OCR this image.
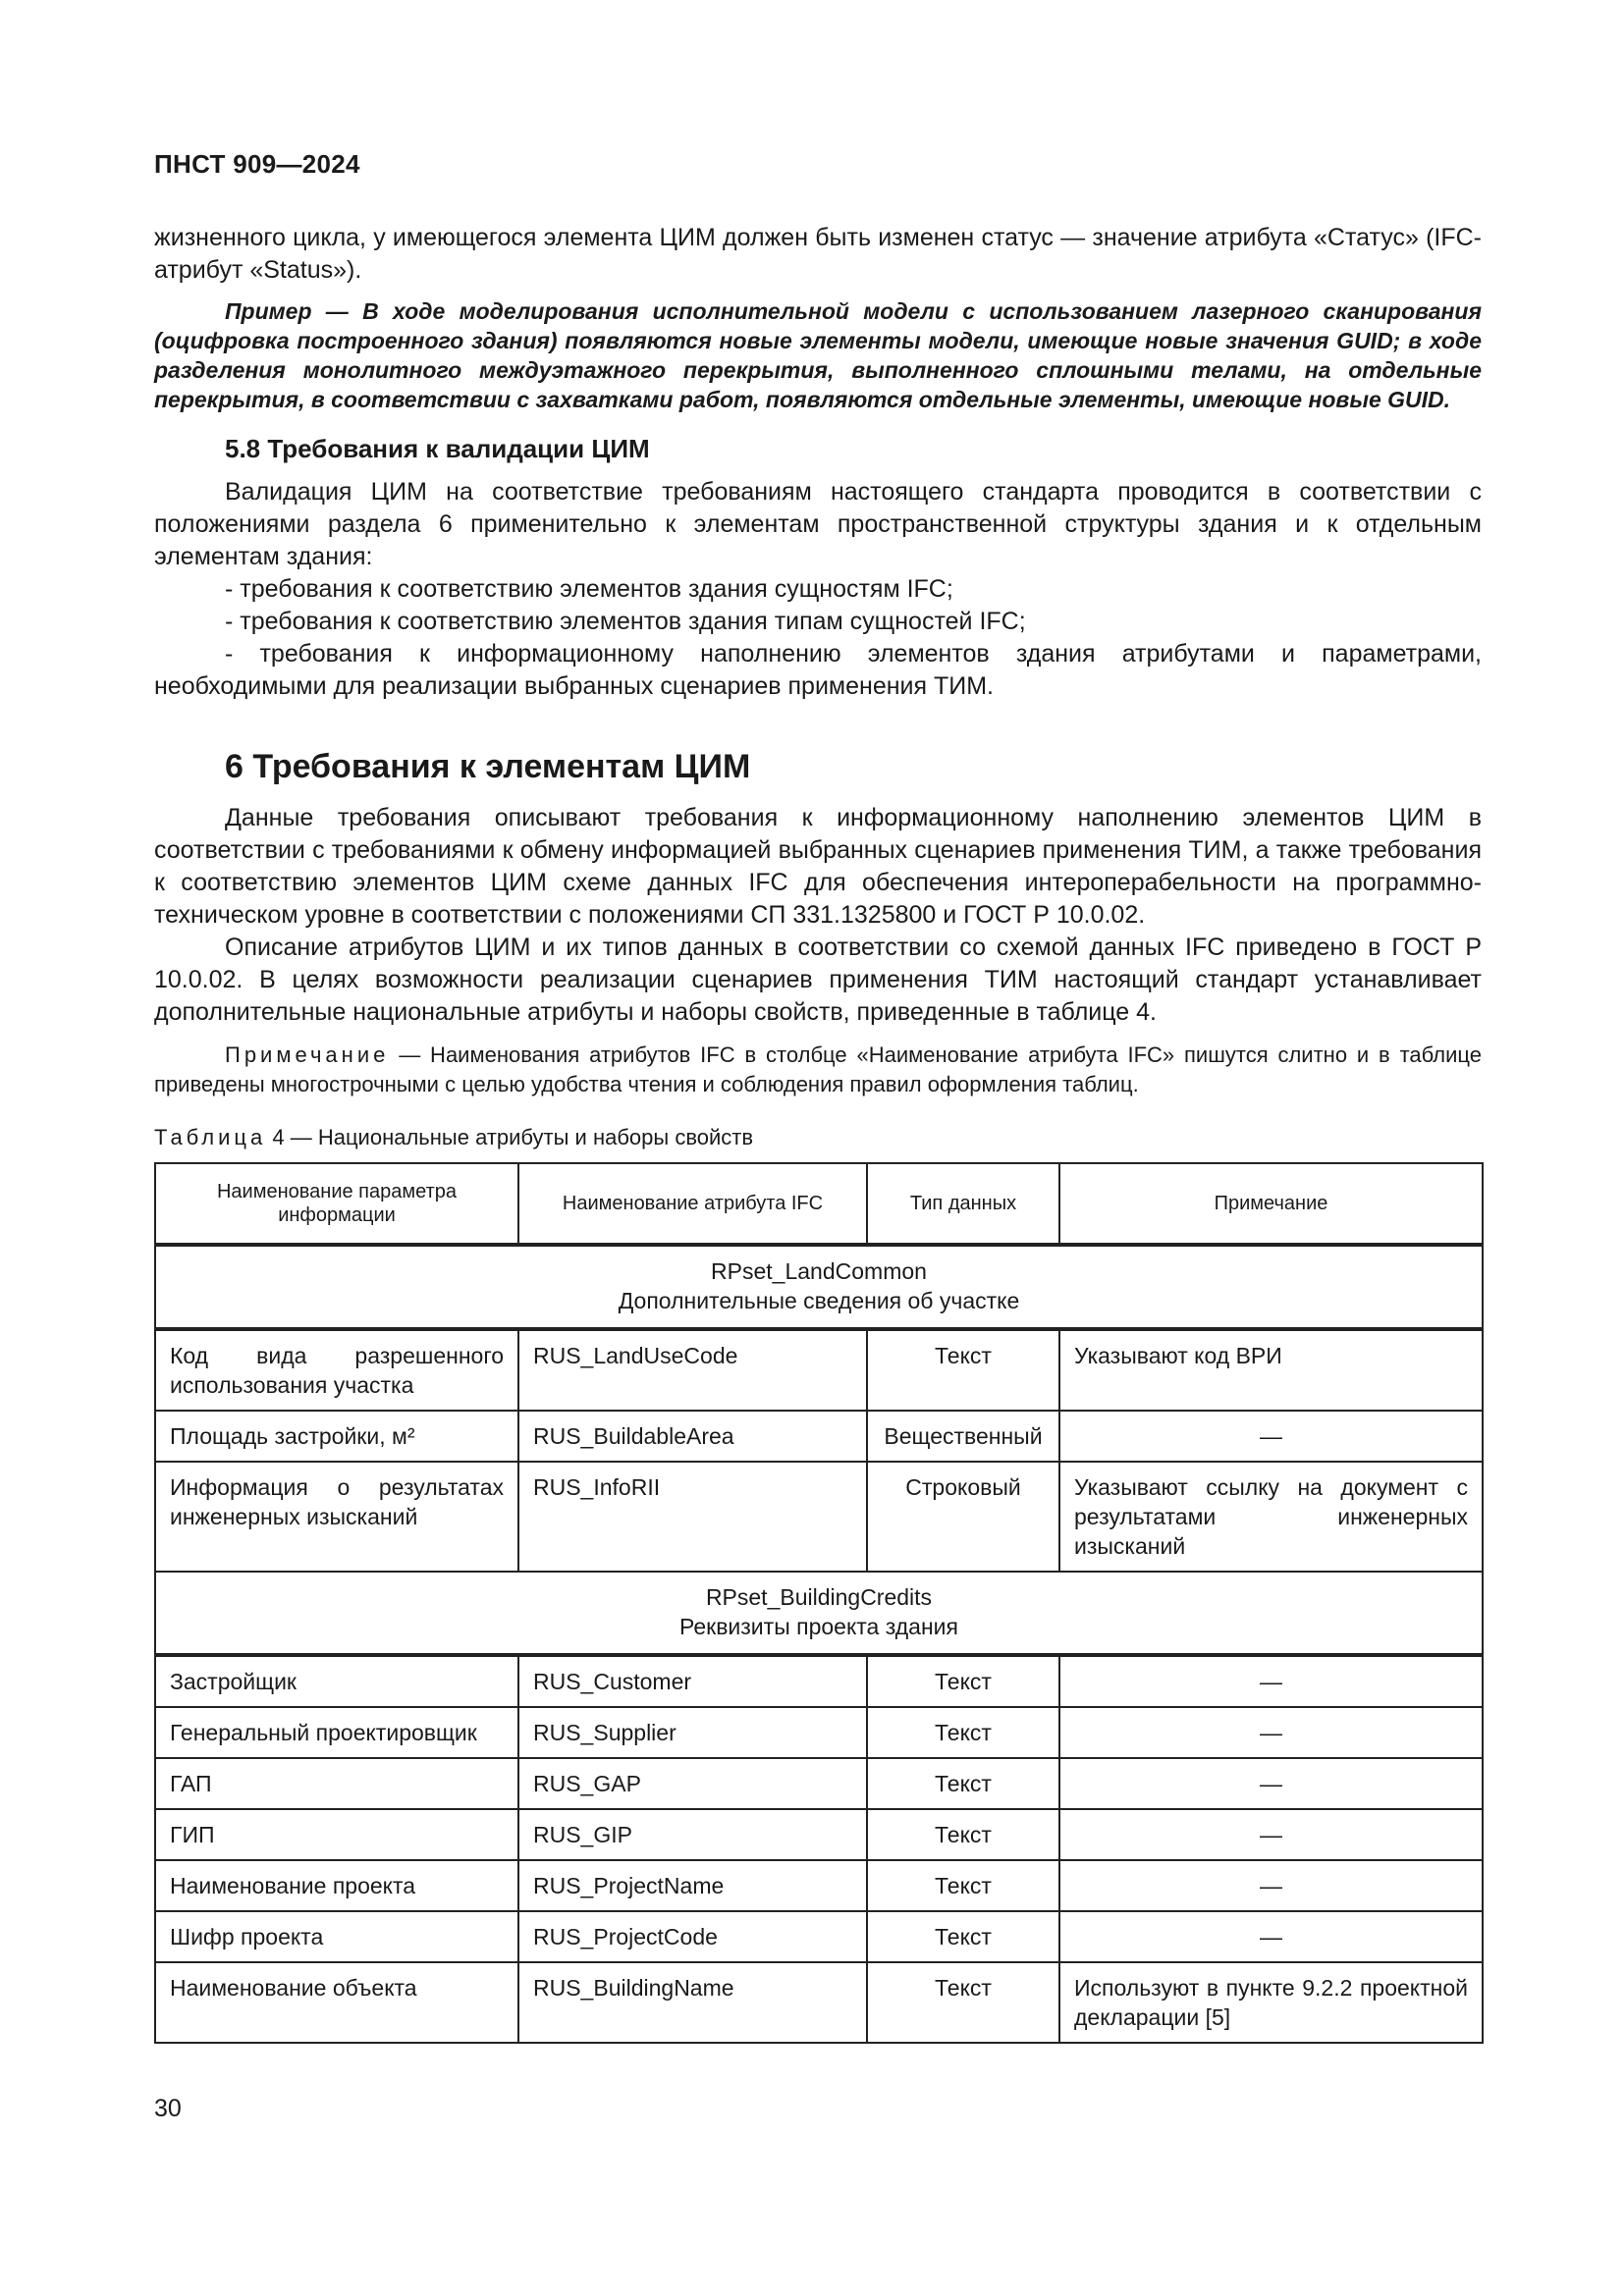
ПНСТ 909—2024

жизненного цикла, у имеющегося элемента ЦИМ должен быть изменен статус — значение атрибута «Статус» (IFC-атрибут «Status»).

Пример — В ходе моделирования исполнительной модели с использованием лазерного сканирования (оцифровка построенного здания) появляются новые элементы модели, имеющие новые значения GUID; в ходе разделения монолитного междуэтажного перекрытия, выполненного сплошными телами, на отдельные перекрытия, в соответствии с захватками работ, появляются отдельные элементы, имеющие новые GUID.

5.8 Требования к валидации ЦИМ

Валидация ЦИМ на соответствие требованиям настоящего стандарта проводится в соответствии с положениями раздела 6 применительно к элементам пространственной структуры здания и к отдельным элементам здания:

- требования к соответствию элементов здания сущностям IFC;

- требования к соответствию элементов здания типам сущностей IFC;

- требования к информационному наполнению элементов здания атрибутами и параметрами, необходимыми для реализации выбранных сценариев применения ТИМ.

6 Требования к элементам ЦИМ

Данные требования описывают требования к информационному наполнению элементов ЦИМ в соответствии с требованиями к обмену информацией выбранных сценариев применения ТИМ, а также требования к соответствию элементов ЦИМ схеме данных IFC для обеспечения интероперабельности на программно-техническом уровне в соответствии с положениями СП 331.1325800 и ГОСТ Р 10.0.02.

Описание атрибутов ЦИМ и их типов данных в соответствии со схемой данных IFC приведено в ГОСТ Р 10.0.02. В целях возможности реализации сценариев применения ТИМ настоящий стандарт устанавливает дополнительные национальные атрибуты и наборы свойств, приведенные в таблице 4.

Примечание — Наименования атрибутов IFC в столбце «Наименование атрибута IFC» пишутся слитно и в таблице приведены многострочными с целью удобства чтения и соблюдения правил оформления таблиц.

Таблица 4 — Национальные атрибуты и наборы свойств
Наименование параметра информации	Наименование атрибута IFC	Тип данных	Примечание

RPset_LandCommon
Дополнительные сведения об участке			

Код вида разрешенного использования участка	RUS_LandUseCode	Текст	Указывают код ВРИ
Площадь застройки, м²	RUS_BuildableArea	Вещественный	—
Информация о результатах инженерных изысканий	RUS_InfoRII	Строковый	Указывают ссылку на документ с результатами инженерных изысканий

RPset_BuildingCredits
Реквизиты проекта здания			

Застройщик	RUS_Customer	Текст	—
Генеральный проектировщик	RUS_Supplier	Текст	—
ГАП	RUS_GAP	Текст	—
ГИП	RUS_GIP	Текст	—
Наименование проекта	RUS_ProjectName	Текст	—
Шифр проекта	RUS_ProjectCode	Текст	—
Наименование объекта	RUS_BuildingName	Текст	Используют в пункте 9.2.2 проектной декларации [5]
30
